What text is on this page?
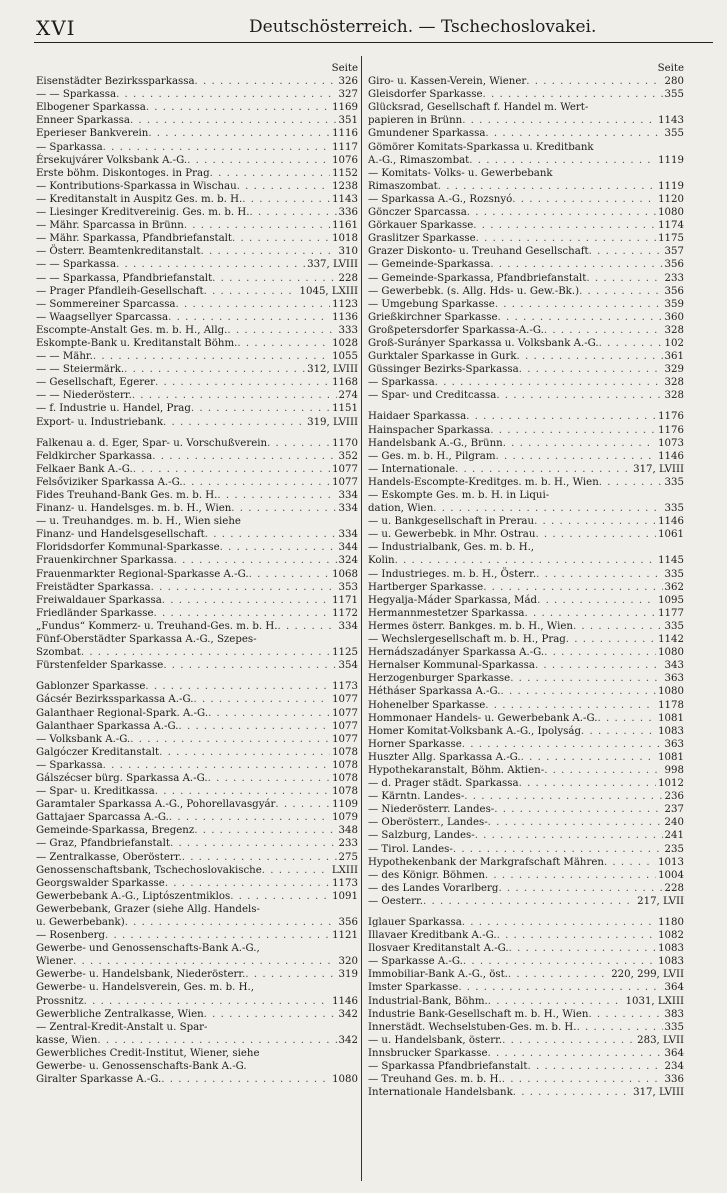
XVI	Deutschösterreich. — Tschechoslovakei.
Seite
Eisenstädter Bezirkssparkassa . . .	326
— — Sparkassa . . .	327
Elbogener Sparkassa . . .	1169
Enneer Sparkassa . . .	351
Eperieser Bankverein . . .	1116
— Sparkassa . . .	1117
Érsekujvárer Volksbank A.-G. . . .	1076
Erste böhm. Diskontoges. in Prag . . .	1152
— Kontributions-Sparkassa in Wischau . . .	1238
— Kreditanstalt in Auspitz Ges. m. b. H. . . .	1143
— Liesinger Kreditvereinig. Ges. m. b. H. . . .	336
— Mähr. Sparcassa in Brünn . . .	1161
— Mähr. Sparkassa, Pfandbriefanstalt . . .	1018
— Österr. Beamtenkreditanstalt . . .	310
— — Sparkassa . . .	337, LVIII
— — Sparkassa, Pfandbriefanstalt . . .	228
— Prager Pfandleih-Gesellschaft . . .	1045, LXIII
— Sommereiner Sparcassa . . .	1123
— Waagsellyer Sparcassa . . .	1136
Escompte-Anstalt Ges. m. b. H., Allg. . . .	333
Eskompte-Bank u. Kreditanstalt Böhm. . . .	1028
— — Mähr. . . .	1055
— — Steiermärk. . . .	312, LVIII
— Gesellschaft, Egerer . . .	1168
— — Niederösterr. . . .	274
— f. Industrie u. Handel, Prag . . .	1151
Export- u. Industriebank . . .	319, LVIII
Falkenau a. d. Eger, Spar- u. Vorschußverein . . .	1170
Feldkircher Sparkassa . . .	352
Felkaer Bank A.-G. . . .	1077
Felsőviziker Sparkassa A.-G. . . .	1077
Fides Treuhand-Bank Ges. m. b. H. . . .	334
Finanz- u. Handelsges. m. b. H., Wien . . .	334
— u. Treuhandges. m. b. H., Wien siehe
Finanz- und Handelsgesellschaft . . .	334
Floridsdorfer Kommunal-Sparkasse . . .	344
Frauenkirchner Sparkassa . . .	324
Frauenmarkter Regional-Sparkasse A.-G. . . .	1068
Freistädter Sparkassa . . .	353
Freiwaldauer Sparkassa . . .	1171
Friedländer Sparkasse . . .	1172
„Fundus“ Kommerz- u. Treuhand-Ges. m. b. H. . . .	334
Fünf-Oberstädter Sparkassa A.-G., Szepes-
Szombat . . .	1125
Fürstenfelder Sparkasse . . .	354
Gablonzer Sparkasse . . .	1173
Gácsér Bezirkssparkassa A.-G. . . .	1077
Galanthaer Regional-Spark. A.-G. . . .	1077
Galanthaer Sparkassa A.-G. . . .	1077
— Volksbank A.-G. . . .	1077
Galgóczer Kreditanstalt . . .	1078
— Sparkassa . . .	1078
Gálszécser bürg. Sparkassa A.-G. . . .	1078
— Spar- u. Kreditkassa . . .	1078
Garamtaler Sparkassa A.-G., Pohorellavasgyár . . .	1109
Gattajaer Sparcassa A.-G. . . .	1079
Gemeinde-Sparkassa, Bregenz . . .	348
— Graz, Pfandbriefanstalt . . .	233
— Zentralkasse, Oberösterr. . . .	275
Genossenschaftsbank, Tschechoslovakische . . .	LXIII
Georgswalder Sparkasse . . .	1173
Gewerbebank A.-G., Liptószentmiklos . . .	1091
Gewerbebank, Grazer (siehe Allg. Handels-
u. Gewerbebank) . . .	356
— Rosenberg . . .	1121
Gewerbe- und Genossenschafts-Bank A.-G.,
Wiener . . .	320
Gewerbe- u. Handelsbank, Niederösterr. . . .	319
Gewerbe- u. Handelsverein, Ges. m. b. H.,
Prossnitz . . .	1146
Gewerbliche Zentralkasse, Wien . . .	342
— Zentral-Kredit-Anstalt u. Spar-
kasse, Wien . . .	342
Gewerbliches Credit-Institut, Wiener, siehe
Gewerbe- u. Genossenschafts-Bank A.-G.
Giralter Sparkasse A.-G. . . .	1080
Seite
Giro- u. Kassen-Verein, Wiener . . .	280
Gleisdorfer Sparkasse . . .	355
Glücksrad, Gesellschaft f. Handel m. Wert-
papieren in Brünn . . .	1143
Gmundener Sparkassa . . .	355
Gömörer Komitats-Sparkassa u. Kreditbank
A.-G., Rimaszombat . . .	1119
— Komitats- Volks- u. Gewerbebank
Rimaszombat . . .	1119
— Sparkassa A.-G., Rozsnyó . . .	1120
Gönczer Sparcassa . . .	1080
Görkauer Sparkasse . . .	1174
Graslitzer Sparkasse . . .	1175
Grazer Diskonto- u. Treuhand Gesellschaft . . .	357
— Gemeinde-Sparkassa . . .	356
— Gemeinde-Sparkassa, Pfandbriefanstalt . . .	233
— Gewerbebk. (s. Allg. Hds- u. Gew.-Bk.) . . .	356
— Umgebung Sparkasse . . .	359
Grießkirchner Sparkasse . . .	360
Großpetersdorfer Sparkassa-A.-G. . . .	328
Groß-Surányer Sparkassa u. Volksbank A.-G. . . .	102
Gurktaler Sparkasse in Gurk . . .	361
Güssinger Bezirks-Sparkassa . . .	329
— Sparkassa . . .	328
— Spar- und Creditcassa . . .	328
Haidaer Sparkassa . . .	1176
Hainspacher Sparkassa . . .	1176
Handelsbank A.-G., Brünn . . .	1073
— Ges. m. b. H., Pilgram . . .	1146
— Internationale . . .	317, LVIII
Handels-Escompte-Kreditges. m. b. H., Wien . . .	335
— Eskompte Ges. m. b. H. in Liqui-
dation, Wien . . .	335
— u. Bankgesellschaft in Prerau . . .	1146
— u. Gewerbebk. in Mhr. Ostrau . . .	1061
— Industrialbank, Ges. m. b. H.,
Kolin . . .	1145
— Industrieges. m. b. H., Österr. . . .	335
Hartberger Sparkasse . . .	362
Hegyalja-Máder Sparkassa, Mád . . .	1095
Hermannmestetzer Sparkassa . . .	1177
Hermes österr. Bankges. m. b. H., Wien . . .	335
— Wechslergesellschaft m. b. H., Prag . . .	1142
Hernádszadányer Sparkassa A.-G. . . .	1080
Hernalser Kommunal-Sparkassa . . .	343
Herzogenburger Sparkasse . . .	363
Hétháser Sparkassa A.-G. . . .	1080
Hohenelber Sparkasse . . .	1178
Hommonaer Handels- u. Gewerbebank A.-G. . . .	1081
Homer Komitat-Volksbank A.-G., Ipolyság . . .	1083
Horner Sparkasse . . .	363
Huszter Allg. Sparkassa A.-G. . . .	1081
Hypothekaranstalt, Böhm. Aktien- . . .	998
— d. Prager städt. Sparkassa . . .	1012
— Kärntn. Landes- . . .	236
— Niederösterr. Landes- . . .	237
— Oberösterr., Landes- . . .	240
— Salzburg, Landes- . . .	241
— Tirol. Landes- . . .	235
Hypothekenbank der Markgrafschaft Mähren . . .	1013
— des Königr. Böhmen . . .	1004
— des Landes Vorarlberg . . .	228
— Oesterr. . . .	217, LVII
Iglauer Sparkassa . . .	1180
Illavaer Kreditbank A.-G. . . .	1082
Ilosvaer Kreditanstalt A.-G. . . .	1083
— Sparkasse A.-G. . . .	1083
Immobiliar-Bank A.-G., öst. . . .	220, 299, LVII
Imster Sparkasse . . .	364
Industrial-Bank, Böhm. . . .	1031, LXIII
Industrie Bank-Gesellschaft m. b. H., Wien . . .	383
Innerstädt. Wechselstuben-Ges. m. b. H. . . .	335
— u. Handelsbank, österr. . . .	283, LVII
Innsbrucker Sparkasse . . .	364
— Sparkassa Pfandbriefanstalt . . .	234
— Treuhand Ges. m. b. H. . . .	336
Internationale Handelsbank . . .	317, LVIII
